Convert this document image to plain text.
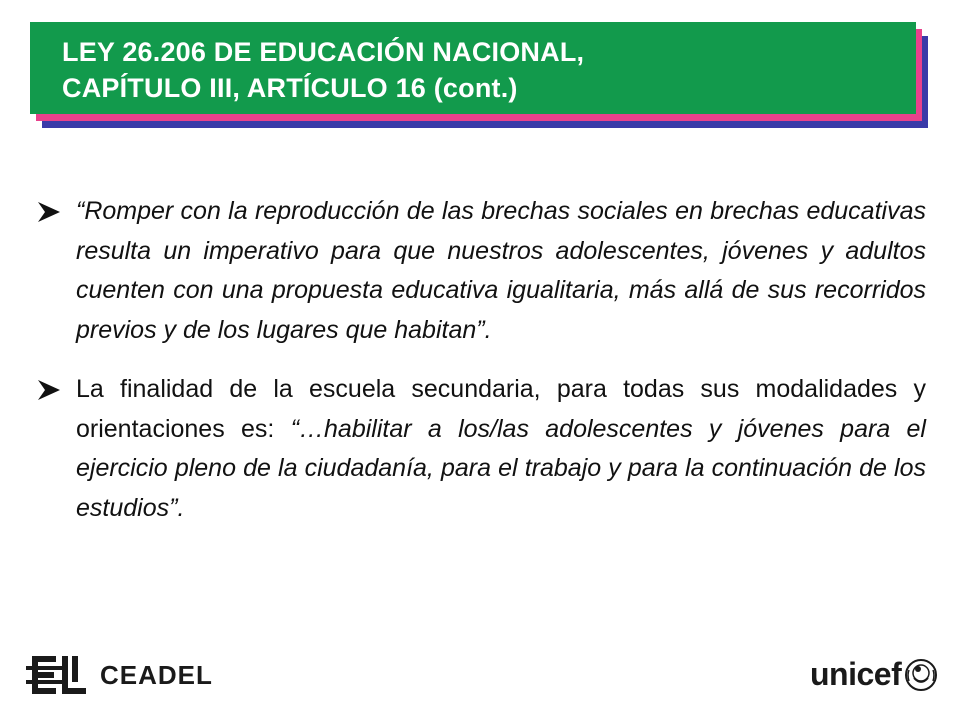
LEY 26.206 DE EDUCACIÓN NACIONAL,
CAPÍTULO III, ARTÍCULO 16 (cont.)
“Romper con la reproducción de las brechas sociales en brechas educativas resulta un imperativo para que nuestros adolescentes, jóvenes y adultos cuenten con una propuesta educativa igualitaria, más allá de sus recorridos previos y de los lugares que habitan”.
La finalidad de la escuela secundaria, para todas sus modalidades y orientaciones es: “…habilitar a los/las adolescentes y jóvenes para el ejercicio pleno de la ciudadanía, para el trabajo y para la continuación de los estudios”.
CEADEL	unicef
